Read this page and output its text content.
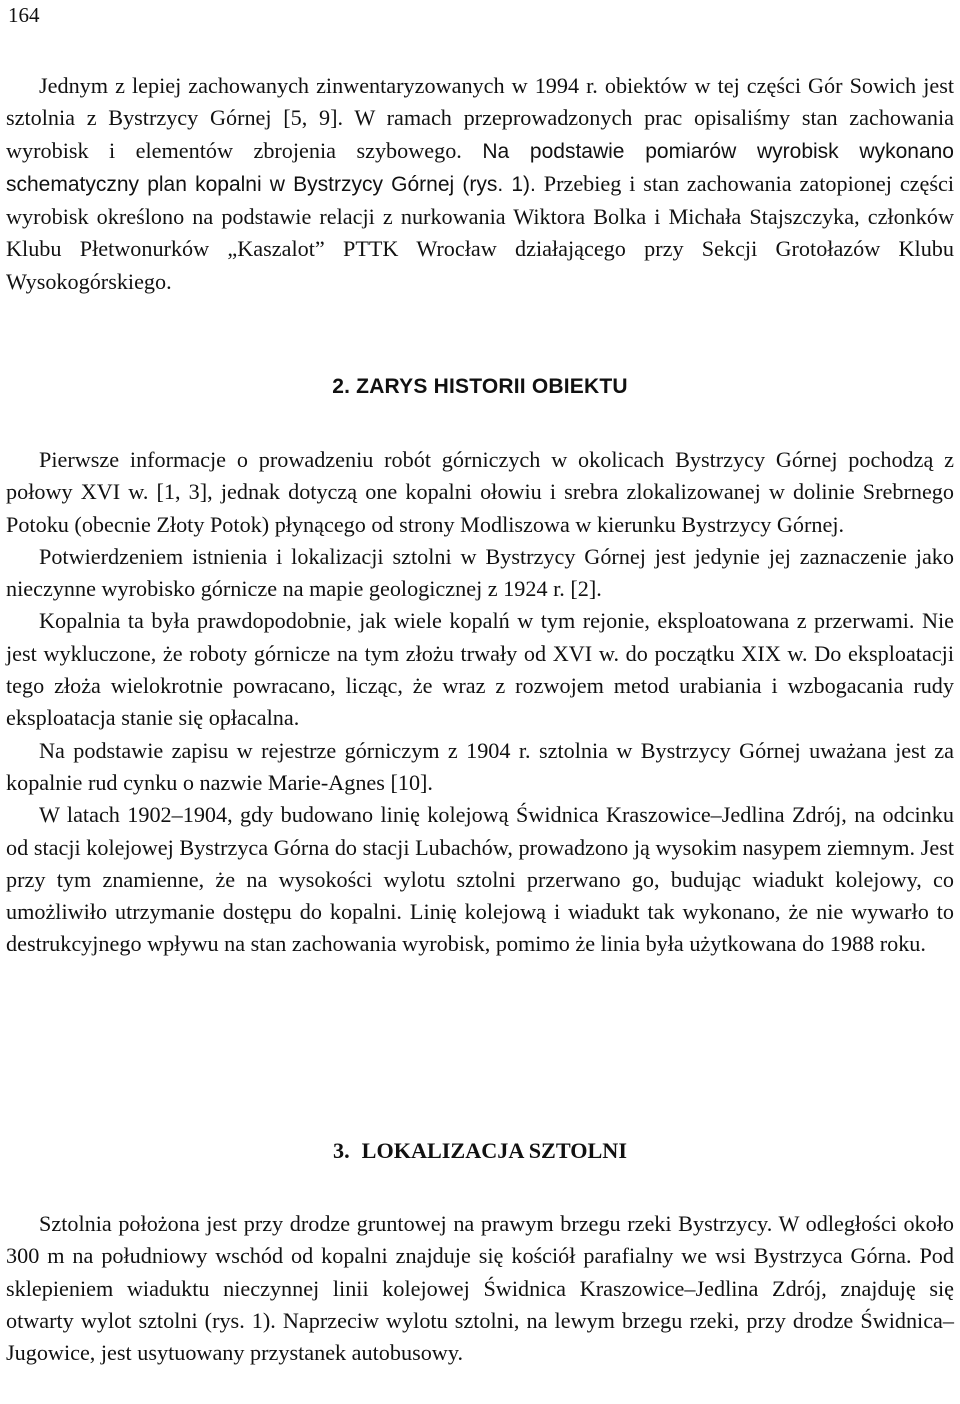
164

Jednym z lepiej zachowanych zinwentaryzowanych w 1994 r. obiektów w tej części Gór Sowich jest sztolnia z Bystrzycy Górnej [5, 9]. W ramach przeprowadzonych prac opisaliśmy stan zachowania wyrobisk i elementów zbrojenia szybowego. Na podstawie pomiarów wyrobisk wykonano schematyczny plan kopalni w Bystrzycy Górnej (rys. 1). Przebieg i stan zachowania zatopionej części wyrobisk określono na podstawie relacji z nurkowania Wiktora Bolka i Michała Stajszczyka, członków Klubu Płetwonurków „Kaszalot” PTTK Wrocław działającego przy Sekcji Grotołazów Klubu Wysokogórskiego.

2. ZARYS HISTORII OBIEKTU

Pierwsze informacje o prowadzeniu robót górniczych w okolicach Bystrzycy Górnej pochodzą z połowy XVI w. [1, 3], jednak dotyczą one kopalni ołowiu i srebra zlokalizowanej w dolinie Srebrnego Potoku (obecnie Złoty Potok) płynącego od strony Modliszowa w kierunku Bystrzycy Górnej.

Potwierdzeniem istnienia i lokalizacji sztolni w Bystrzycy Górnej jest jedynie jej zaznaczenie jako nieczynne wyrobisko górnicze na mapie geologicznej z 1924 r. [2].

Kopalnia ta była prawdopodobnie, jak wiele kopalń w tym rejonie, eksploatowana z przerwami. Nie jest wykluczone, że roboty górnicze na tym złożu trwały od XVI w. do początku XIX w. Do eksploatacji tego złoża wielokrotnie powracano, licząc, że wraz z rozwojem metod urabiania i wzbogacania rudy eksploatacja stanie się opłacalna.

Na podstawie zapisu w rejestrze górniczym z 1904 r. sztolnia w Bystrzycy Górnej uważana jest za kopalnie rud cynku o nazwie Marie-Agnes [10].

W latach 1902–1904, gdy budowano linię kolejową Świdnica Kraszowice–Jedlina Zdrój, na odcinku od stacji kolejowej Bystrzyca Górna do stacji Lubachów, prowadzono ją wysokim nasypem ziemnym. Jest przy tym znamienne, że na wysokości wylotu sztolni przerwano go, budując wiadukt kolejowy, co umożliwiło utrzymanie dostępu do kopalni. Linię kolejową i wiadukt tak wykonano, że nie wywarło to destrukcyjnego wpływu na stan zachowania wyrobisk, pomimo że linia była użytkowana do 1988 roku.

3. LOKALIZACJA SZTOLNI

Sztolnia położona jest przy drodze gruntowej na prawym brzegu rzeki Bystrzycy. W odległości około 300 m na południowy wschód od kopalni znajduje się kościół parafialny we wsi Bystrzyca Górna. Pod sklepieniem wiaduktu nieczynnej linii kolejowej Świdnica Kraszowice–Jedlina Zdrój, znajduję się otwarty wylot sztolni (rys. 1). Naprzeciw wylotu sztolni, na lewym brzegu rzeki, przy drodze Świdnica–Jugowice, jest usytuowany przystanek autobusowy.
